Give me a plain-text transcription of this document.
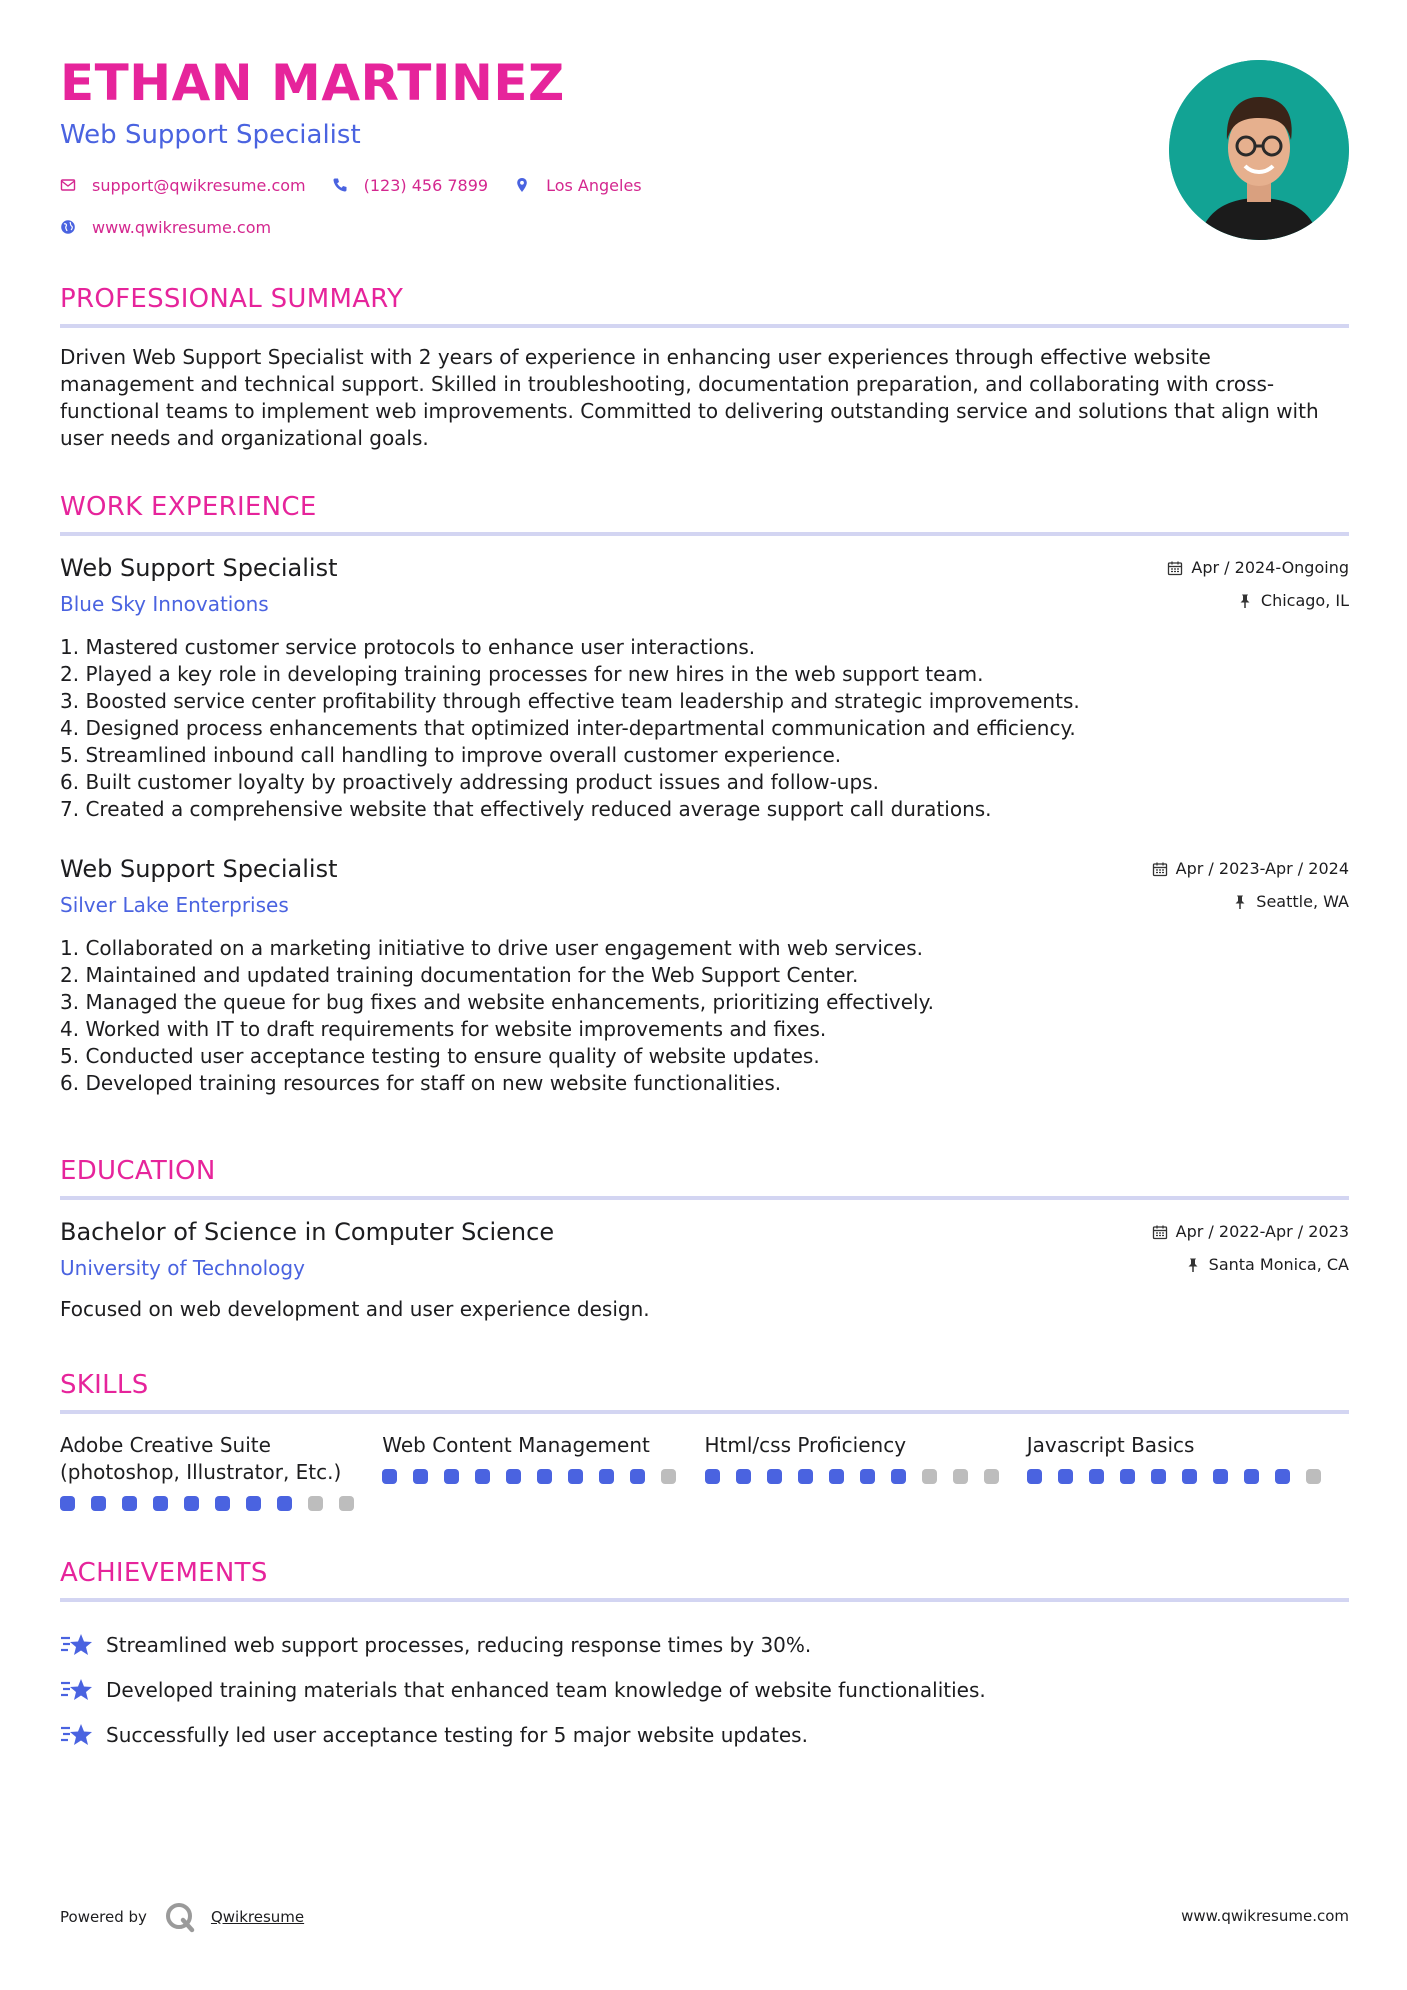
ETHAN MARTINEZ
Web Support Specialist
support@qwikresume.com	(123) 456 7899	Los Angeles
www.qwikresume.com
PROFESSIONAL SUMMARY
Driven Web Support Specialist with 2 years of experience in enhancing user experiences through effective website management and technical support. Skilled in troubleshooting, documentation preparation, and collaborating with cross-functional teams to implement web improvements. Committed to delivering outstanding service and solutions that align with user needs and organizational goals.
WORK EXPERIENCE
Web Support Specialist
Blue Sky Innovations
Apr / 2024-Ongoing
Chicago, IL
1. Mastered customer service protocols to enhance user interactions.
2. Played a key role in developing training processes for new hires in the web support team.
3. Boosted service center profitability through effective team leadership and strategic improvements.
4. Designed process enhancements that optimized inter-departmental communication and efficiency.
5. Streamlined inbound call handling to improve overall customer experience.
6. Built customer loyalty by proactively addressing product issues and follow-ups.
7. Created a comprehensive website that effectively reduced average support call durations.
Web Support Specialist
Silver Lake Enterprises
Apr / 2023-Apr / 2024
Seattle, WA
1. Collaborated on a marketing initiative to drive user engagement with web services.
2. Maintained and updated training documentation for the Web Support Center.
3. Managed the queue for bug fixes and website enhancements, prioritizing effectively.
4. Worked with IT to draft requirements for website improvements and fixes.
5. Conducted user acceptance testing to ensure quality of website updates.
6. Developed training resources for staff on new website functionalities.
EDUCATION
Bachelor of Science in Computer Science
University of Technology
Apr / 2022-Apr / 2023
Santa Monica, CA
Focused on web development and user experience design.
SKILLS
Adobe Creative Suite (photoshop, Illustrator, Etc.)
Web Content Management	Html/css Proficiency	Javascript Basics
ACHIEVEMENTS
Streamlined web support processes, reducing response times by 30%.
Developed training materials that enhanced team knowledge of website functionalities.
Successfully led user acceptance testing for 5 major website updates.
Powered by	Qwikresume	www.qwikresume.com
